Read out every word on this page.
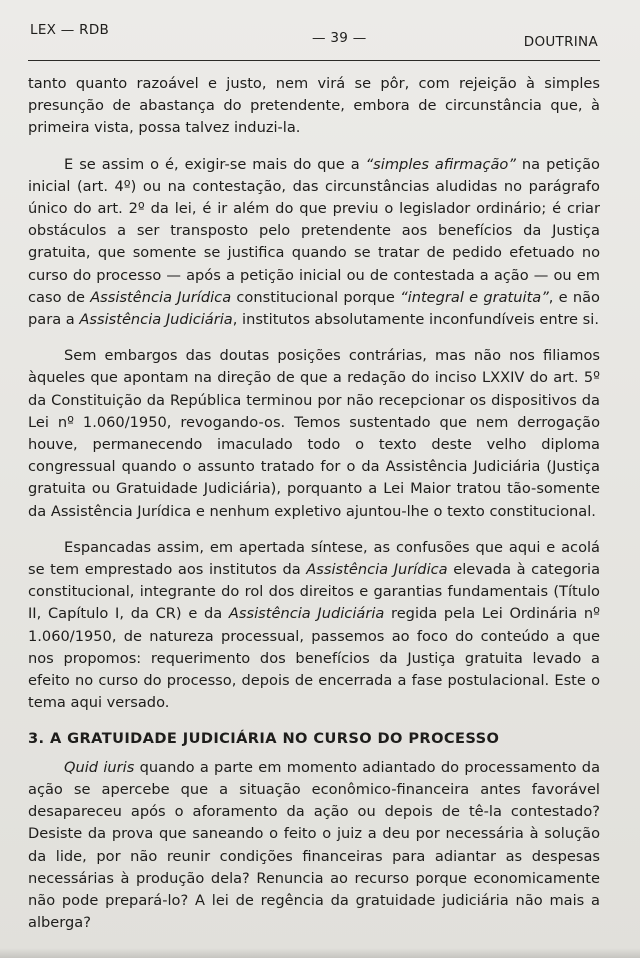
LEX — RDB	— 39 —	DOUTRINA

tanto quanto razoável e justo, nem virá se pôr, com rejeição à simples presunção de abastança do pretendente, embora de circunstância que, à primeira vista, possa talvez induzi-la.

E se assim o é, exigir-se mais do que a “simples afirmação” na petição inicial (art. 4º) ou na contestação, das circunstâncias aludidas no parágrafo único do art. 2º da lei, é ir além do que previu o legislador ordinário; é criar obstáculos a ser transposto pelo pretendente aos benefícios da Justiça gratuita, que somente se justifica quando se tratar de pedido efetuado no curso do processo — após a petição inicial ou de contestada a ação — ou em caso de Assistência Jurídica constitucional porque “integral e gratuita”, e não para a Assistência Judiciária, institutos absolutamente inconfundíveis entre si.

Sem embargos das doutas posições contrárias, mas não nos filiamos àqueles que apontam na direção de que a redação do inciso LXXIV do art. 5º da Constituição da República terminou por não recepcionar os dispositivos da Lei nº 1.060/1950, revogando-os. Temos sustentado que nem derrogação houve, permanecendo imaculado todo o texto deste velho diploma congressual quando o assunto tratado for o da Assistência Judiciária (Justiça gratuita ou Gratuidade Judiciária), porquanto a Lei Maior tratou tão-somente da Assistência Jurídica e nenhum expletivo ajuntou-lhe o texto constitucional.

Espancadas assim, em apertada síntese, as confusões que aqui e acolá se tem emprestado aos institutos da Assistência Jurídica elevada à categoria constitucional, integrante do rol dos direitos e garantias fundamentais (Título II, Capítulo I, da CR) e da Assistência Judiciária regida pela Lei Ordinária nº 1.060/1950, de natureza processual, passemos ao foco do conteúdo a que nos propomos: requerimento dos benefícios da Justiça gratuita levado a efeito no curso do processo, depois de encerrada a fase postulacional. Este o tema aqui versado.

3. A GRATUIDADE JUDICIÁRIA NO CURSO DO PROCESSO

Quid iuris quando a parte em momento adiantado do processamento da ação se apercebe que a situação econômico-financeira antes favorável desapareceu após o aforamento da ação ou depois de tê-la contestado? Desiste da prova que saneando o feito o juiz a deu por necessária à solução da lide, por não reunir condições financeiras para adiantar as despesas necessárias à produção dela? Renuncia ao recurso porque economicamente não pode prepará-lo? A lei de regência da gratuidade judiciária não mais a alberga?
